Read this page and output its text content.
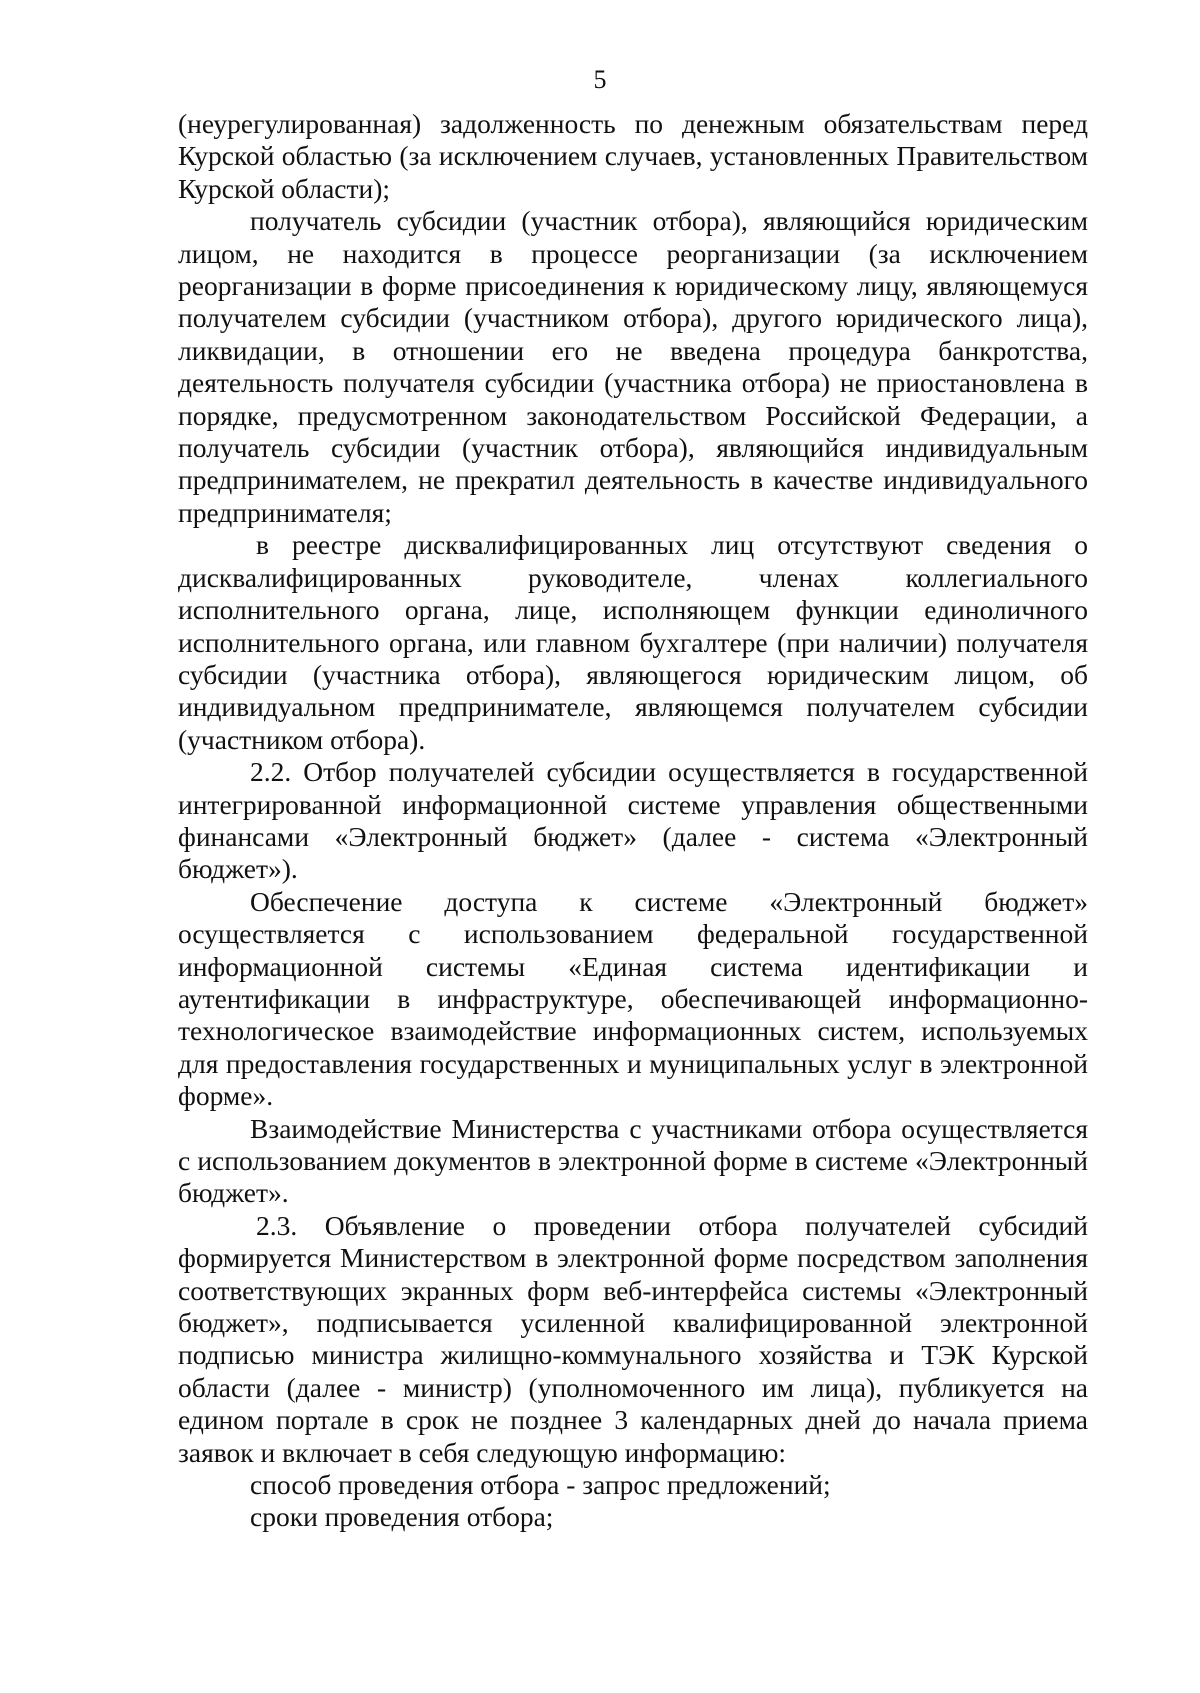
5

(неурегулированная) задолженность по денежным обязательствам перед Курской областью (за исключением случаев, установленных Правительством Курской области);

получатель субсидии (участник отбора), являющийся юридическим лицом, не находится в процессе реорганизации (за исключением реорганизации в форме присоединения к юридическому лицу, являющемуся получателем субсидии (участником отбора), другого юридического лица), ликвидации, в отношении его не введена процедура банкротства, деятельность получателя субсидии (участника отбора) не приостановлена в порядке, предусмотренном законодательством Российской Федерации, а получатель субсидии (участник отбора), являющийся индивидуальным предпринимателем, не прекратил деятельность в качестве индивидуального предпринимателя;

в реестре дисквалифицированных лиц отсутствуют сведения о дисквалифицированных руководителе, членах коллегиального исполнительного органа, лице, исполняющем функции единоличного исполнительного органа, или главном бухгалтере (при наличии) получателя субсидии (участника отбора), являющегося юридическим лицом, об индивидуальном предпринимателе, являющемся получателем субсидии (участником отбора).

2.2. Отбор получателей субсидии осуществляется в государственной интегрированной информационной системе управления общественными финансами «Электронный бюджет» (далее - система «Электронный бюджет»).

Обеспечение доступа к системе «Электронный бюджет» осуществляется с использованием федеральной государственной информационной системы «Единая система идентификации и аутентификации в инфраструктуре, обеспечивающей информационно-технологическое взаимодействие информационных систем, используемых для предоставления государственных и муниципальных услуг в электронной форме».

Взаимодействие Министерства с участниками отбора осуществляется с использованием документов в электронной форме в системе «Электронный бюджет».

2.3. Объявление о проведении отбора получателей субсидий формируется Министерством в электронной форме посредством заполнения соответствующих экранных форм веб-интерфейса системы «Электронный бюджет», подписывается усиленной квалифицированной электронной подписью министра жилищно-коммунального хозяйства и ТЭК Курской области (далее - министр) (уполномоченного им лица), публикуется на едином портале в срок не позднее 3 календарных дней до начала приема заявок и включает в себя следующую информацию:

способ проведения отбора - запрос предложений;

сроки проведения отбора;
